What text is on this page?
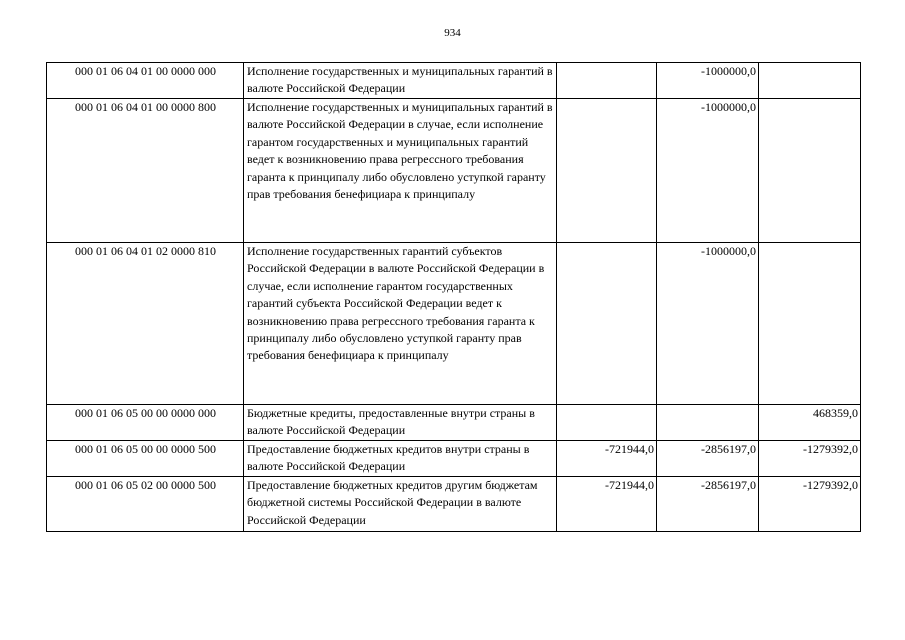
934
000 01 06 04 01 00 0000 000	Исполнение государственных и муниципальных гарантий в валюте Российской Федерации		-1000000,0	
000 01 06 04 01 00 0000 800	Исполнение государственных и муниципальных гарантий в валюте Российской Федерации в случае, если исполнение гарантом государственных и муниципальных гарантий ведет к возникновению права регрессного требования гаранта к принципалу либо обусловлено уступкой гаранту прав требования бенефициара к принципалу		-1000000,0	
000 01 06 04 01 02 0000 810	Исполнение государственных гарантий субъектов Российской Федерации в валюте Российской Федерации в случае, если исполнение гарантом государственных гарантий субъекта Российской Федерации ведет к возникновению права регрессного требования гаранта к принципалу либо обусловлено уступкой гаранту прав требования бенефициара к принципалу		-1000000,0	
000 01 06 05 00 00 0000 000	Бюджетные кредиты, предоставленные внутри страны в валюте Российской Федерации			468359,0
000 01 06 05 00 00 0000 500	Предоставление бюджетных кредитов внутри страны в валюте Российской Федерации	-721944,0	-2856197,0	-1279392,0
000 01 06 05 02 00 0000 500	Предоставление бюджетных кредитов другим бюджетам бюджетной системы Российской Федерации в валюте Российской Федерации	-721944,0	-2856197,0	-1279392,0
